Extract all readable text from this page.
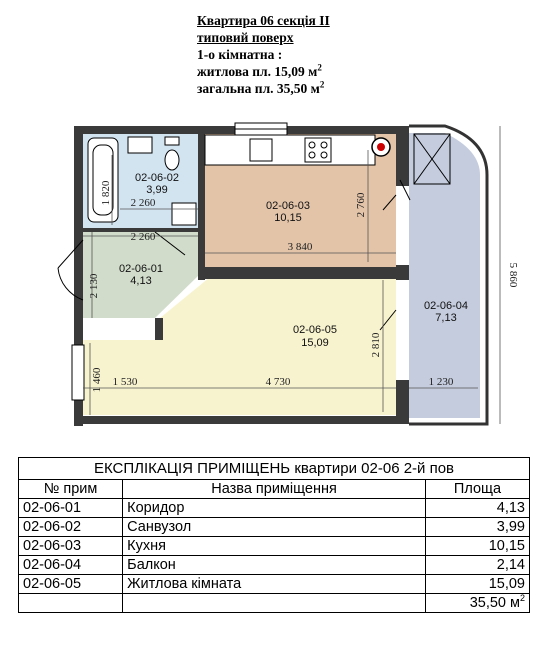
Квартира 06 секція II
типовий поверх
1-о кімнатна :
житлова пл. 15,09 $м^2$
загальна пл. 35,50 $м^2$
1 820 2 260
2 260
2 760
3 840
2 130
2 810
1 460 1 530	4 730	1 230
5 860
02-06-02
3,99
02-06-03
10,15
02-06-01
4,13
02-06-05
15,09
02-06-04
7,13
ЕКСПЛІКАЦІЯ ПРИМІЩЕНЬ квартири 02-06 2-й пов		
№ прим	Назва приміщення	Площа
02-06-01	Коридор	4,13
02-06-02	Санвузол	3,99
02-06-03	Кухня	10,15
02-06-04	Балкон	2,14
02-06-05	Житлова кімната	15,09
		35,50 $м^2$
